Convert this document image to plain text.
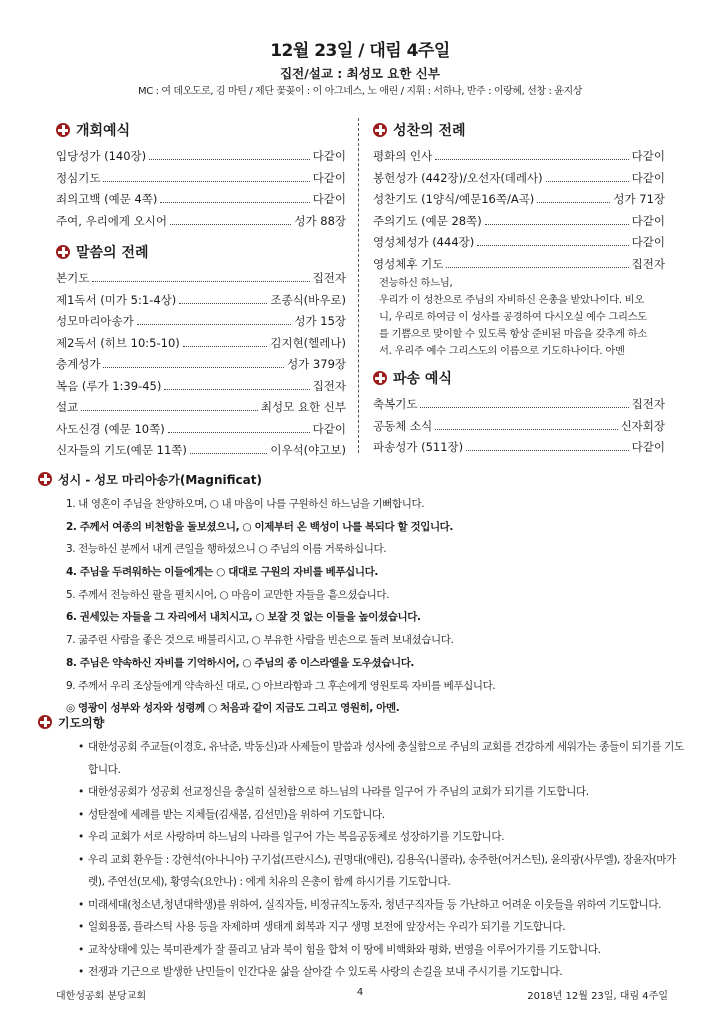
12월 23일 / 대림 4주일
집전/설교 : 최성모 요한 신부
MC : 여 데오도로, 김 마틴 / 제단 꽃꽂이 : 이 아그네스, 노 애린 / 지휘 : 서하나, 반주 : 이랑혜, 선창 : 윤지상
개회예식
입당성가 (140장)	다같이
정심기도	다같이
죄의고백 (예문 4쪽)	다같이
주여, 우리에게 오시어	성가 88장
말씀의 전례
본기도	집전자
제1독서 (미가 5:1-4상)	조종식(바우로)
성모마리아송가	성가 15장
제2독서 (히브 10:5-10)	김지현(헬레나)
층계성가	성가 379장
복음 (루가 1:39-45)	집전자
설교	최성모 요한 신부
사도신경 (예문 10쪽)	다같이
신자들의 기도(예문 11쪽)	이우석(야고보)
성찬의 전례
평화의 인사	다같이
봉헌성가 (442장)/오선자(데레사)	다같이
성찬기도 (1양식/예문16쪽/A곡)	성가 71장
주의기도 (예문 28쪽)	다같이
영성체성가 (444장)	다같이
영성체후 기도	집전자
전능하신 하느님,
우리가 이 성찬으로 주님의 자비하신 은총을 받았나이다. 비오
니, 우리로 하여금 이 성사를 공경하여 다시오실 예수 그리스도
를 기쁨으로 맞이할 수 있도록 항상 준비된 마음을 갖추게 하소
서. 우리주 예수 그리스도의 이름으로 기도하나이다. 아멘
파송 예식
축복기도	집전자
공동체 소식	신자회장
파송성가 (511장)	다같이
성시 - 성모 마리아송가(Magnificat)
1. 내 영혼이 주님을 찬양하오며, ○ 내 마음이 나를 구원하신 하느님을 기뻐합니다.
2. 주께서 여종의 비천함을 돌보셨으니, ○ 이제부터 온 백성이 나를 복되다 할 것입니다.
3. 전능하신 분께서 내게 큰일을 행하셨으니 ○ 주님의 이름 거룩하십니다.
4. 주님을 두려워하는 이들에게는 ○ 대대로 구원의 자비를 베푸십니다.
5. 주께서 전능하신 팔을 펼치시어, ○ 마음이 교만한 자들을 흩으셨습니다.
6. 권세있는 자들을 그 자리에서 내치시고, ○ 보잘 것 없는 이들을 높이셨습니다.
7. 굶주린 사람을 좋은 것으로 배불리시고, ○ 부유한 사람을 빈손으로 돌려 보내셨습니다.
8. 주님은 약속하신 자비를 기억하시어, ○ 주님의 종 이스라엘을 도우셨습니다.
9. 주께서 우리 조상들에게 약속하신 대로, ○ 아브라함과 그 후손에게 영원토록 자비를 베푸십니다.
◎ 영광이 성부와 성자와 성령께 ○ 처음과 같이 지금도 그리고 영원히, 아멘.
기도의향
• 대한성공회 주교들(이경호, 유낙준, 박동신)과 사제들이 말씀과 성사에 충실함으로 주님의 교회를 건강하게 세워가는 종들이 되기를 기도합니다.
• 대한성공회가 성공회 선교정신을 충실히 실천함으로 하느님의 나라를 일구어 가 주님의 교회가 되기를 기도합니다.
• 성탄절에 세례를 받는 지체들(김새봄, 김선민)을 위하여 기도합니다.
• 우리 교회가 서로 사랑하며 하느님의 나라를 일구어 가는 복음공동체로 성장하기를 기도합니다.
• 우리 교회 환우들 : 강현석(아나니아) 구기섭(프란시스), 권명대(애린), 김용옥(니콜라), 송주한(어거스틴), 윤의광(사무엘), 장윤자(마가렛), 주연선(모세), 황영숙(요안나) : 에게 치유의 은총이 함께 하시기를 기도합니다.
• 미래세대(청소년,청년대학생)를 위하여, 실직자들, 비정규직노동자, 청년구직자들 등 가난하고 어려운 이웃들을 위하여 기도합니다.
• 일회용품, 플라스틱 사용 등을 자제하며 생태계 회복과 지구 생명 보전에 앞장서는 우리가 되기를 기도합니다.
• 교착상태에 있는 북미관계가 잘 풀리고 남과 북이 힘을 합쳐 이 땅에 비핵화와 평화, 번영을 이루어가기를 기도합니다.
• 전쟁과 기근으로 발생한 난민들이 인간다운 삶을 살아갈 수 있도록 사랑의 손길을 보내 주시기를 기도합니다.
대한성공회 분당교회	4	2018년 12월 23일, 대림 4주일
